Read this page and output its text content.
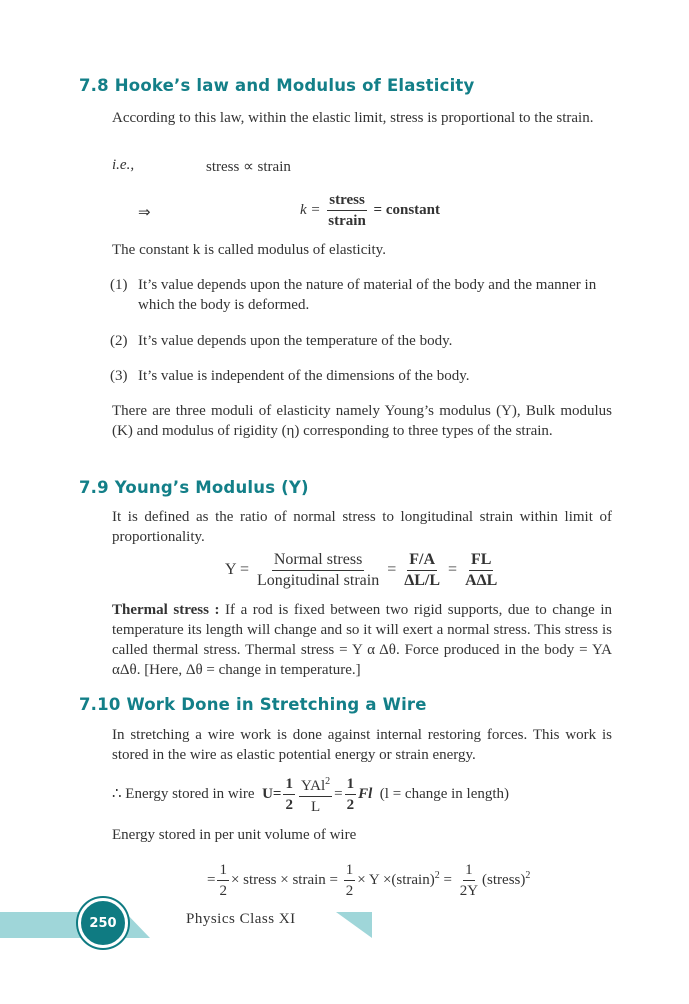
7.8 Hooke’s law and Modulus of Elasticity
According to this law, within the elastic limit, stress is proportional to the strain.
i.e.,	stress ∝ strain
⇒	$k = \frac{\text{stress}}{\text{strain}}$ = constant
The constant k is called modulus of elasticity.
(1) It’s value depends upon the nature of material of the body and the manner in which the body is deformed.
(2) It’s value depends upon the temperature of the body.
(3) It’s value is independent of the dimensions of the body.
There are three moduli of elasticity namely Young’s modulus (Y), Bulk modulus (K) and modulus of rigidity (η) corresponding to three types of the strain.
7.9 Young’s Modulus (Y)
It is defined as the ratio of normal stress to longitudinal strain within limit of proportionality.
$Y = \frac{\text{Normal stress}}{\text{Longitudinal strain}} = \frac{F/A}{\Delta L/L} = \frac{FL}{\text{AΔL}}$
Thermal stress : If a rod is fixed between two rigid supports, due to change in temperature its length will change and so it will exert a normal stress. This stress is called thermal stress. Thermal stress = Y α Δθ. Force produced in the body = YA αΔθ. [Here, Δθ = change in temperature.]
7.10 Work Done in Stretching a Wire
In stretching a wire work is done against internal restoring forces. This work is stored in the wire as elastic potential energy or strain energy.
∴ Energy stored in wire $U= \frac{1}{2} \frac{YAl^2}{L} = \frac{1}{2}$ Fl (l = change in length)
Energy stored in per unit volume of wire
= $\frac{1}{2}$ × stress × strain = $\frac{1}{2} \times Y$ ×(strain)$^2$ = $\frac{1}{2Y}$ (stress)$^2$
250	Physics Class XI
